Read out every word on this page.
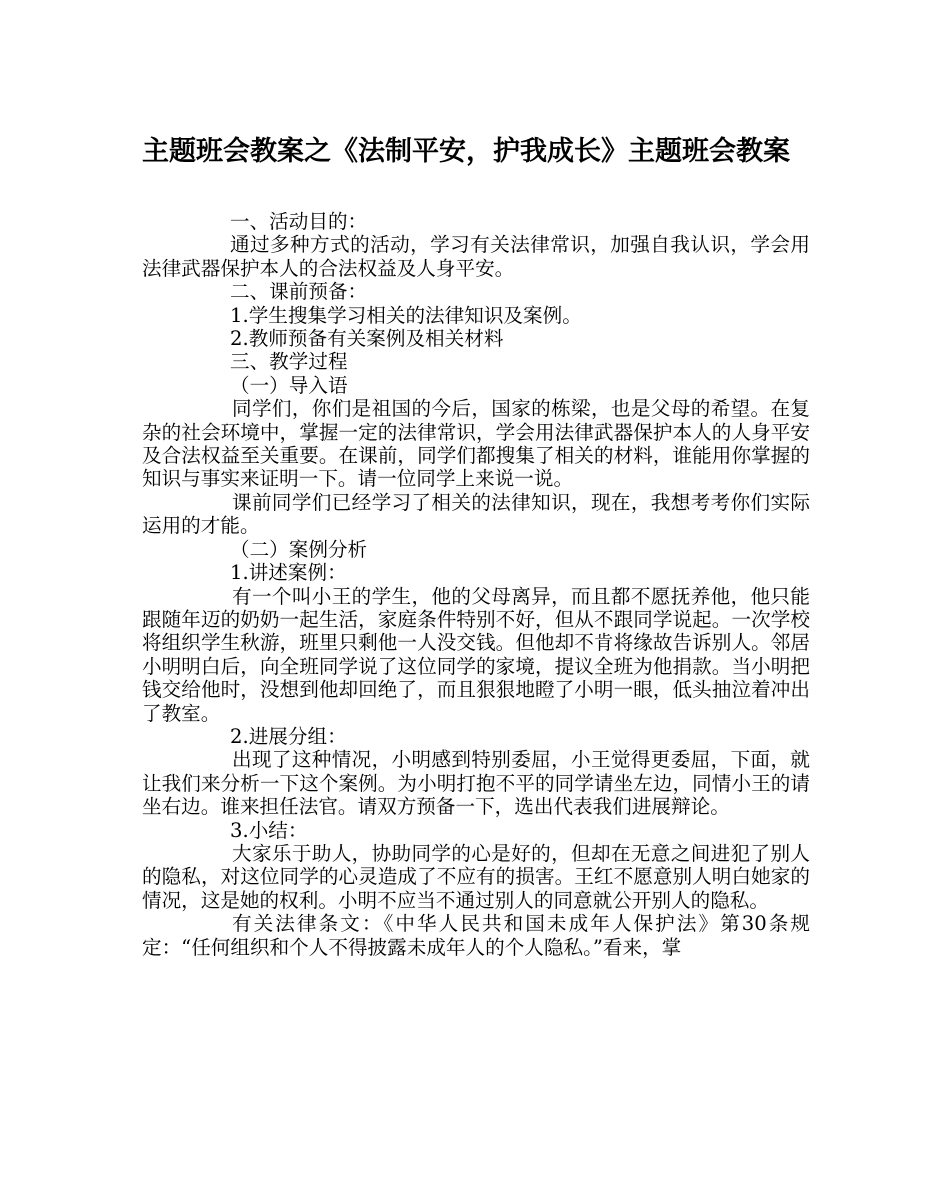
主题班会教案之《法制平安，护我成长》主题班会教案

一、活动目的：

通过多种方式的活动，学习有关法律常识，加强自我认识，学会用法律武器保护本人的合法权益及人身平安。

二、课前预备：

1.学生搜集学习相关的法律知识及案例。

2.教师预备有关案例及相关材料

三、教学过程

（一）导入语

同学们，你们是祖国的今后，国家的栋梁，也是父母的希望。在复杂的社会环境中，掌握一定的法律常识，学会用法律武器保护本人的人身平安及合法权益至关重要。在课前，同学们都搜集了相关的材料，谁能用你掌握的知识与事实来证明一下。请一位同学上来说一说。

课前同学们已经学习了相关的法律知识，现在，我想考考你们实际运用的才能。

（二）案例分析

1.讲述案例：

有一个叫小王的学生，他的父母离异，而且都不愿抚养他，他只能跟随年迈的奶奶一起生活，家庭条件特别不好，但从不跟同学说起。一次学校将组织学生秋游，班里只剩他一人没交钱。但他却不肯将缘故告诉别人。邻居小明明白后，向全班同学说了这位同学的家境，提议全班为他捐款。当小明把钱交给他时，没想到他却回绝了，而且狠狠地瞪了小明一眼，低头抽泣着冲出了教室。

2.进展分组：

出现了这种情况，小明感到特别委屈，小王觉得更委屈，下面，就让我们来分析一下这个案例。为小明打抱不平的同学请坐左边，同情小王的请坐右边。谁来担任法官。请双方预备一下，选出代表我们进展辩论。

3.小结：

大家乐于助人，协助同学的心是好的，但却在无意之间进犯了别人的隐私，对这位同学的心灵造成了不应有的损害。王红不愿意别人明白她家的情况，这是她的权利。小明不应当不通过别人的同意就公开别人的隐私。

有关法律条文：《中华人民共和国未成年人保护法》第30条规定：“任何组织和个人不得披露未成年人的个人隐私。”看来，掌
